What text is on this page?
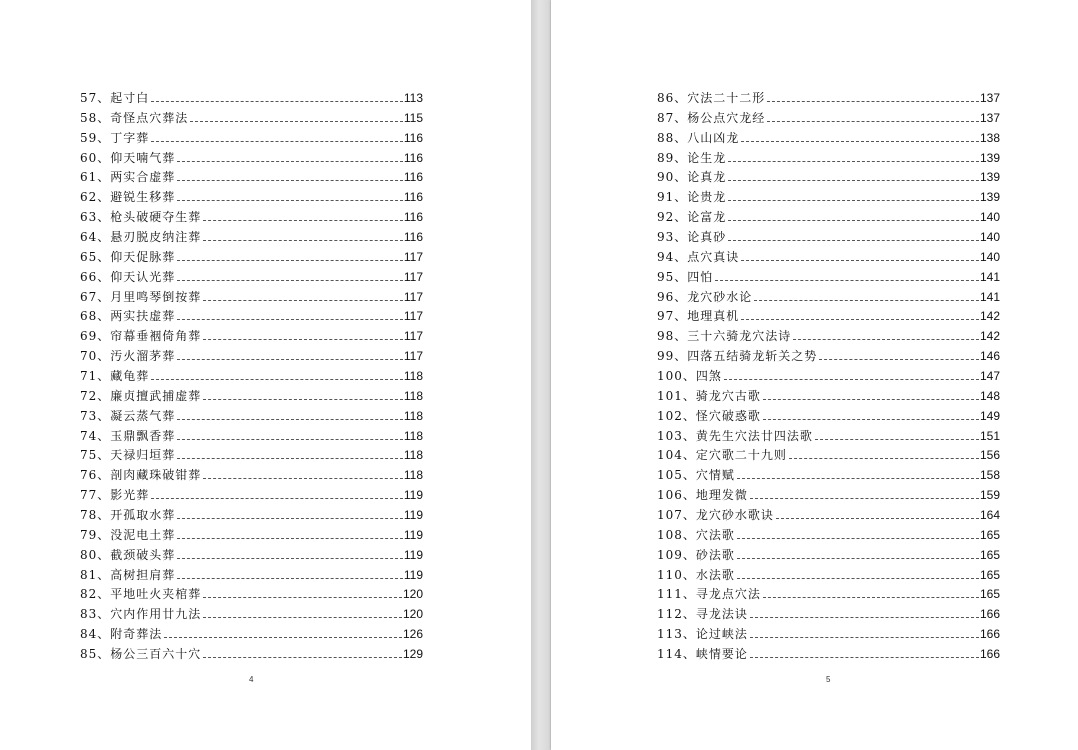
57、起寸白	113
58、奇怪点穴葬法	115
59、丁字葬	116
60、仰天喃气葬	116
61、两实合虚葬	116
62、避锐生移葬	116
63、枪头破硬夺生葬	116
64、悬刃脱皮纳注葬	116
65、仰天促脉葬	117
66、仰天认光葬	117
67、月里鸣琴倒按葬	117
68、两实扶虚葬	117
69、帘幕垂裀倚角葬	117
70、汚火溜茅葬	117
71、藏龟葬	118
72、廉贞擅武捕虚葬	118
73、凝云蒸气葬	118
74、玉鼎飘香葬	118
75、天禄归垣葬	118
76、剖肉藏珠破钳葬	118
77、影光葬	119
78、开孤取水葬	119
79、没泥电土葬	119
80、截颈破头葬	119
81、高树担肩葬	119
82、平地吐火夹棺葬	120
83、穴内作用廿九法	120
84、附奇葬法	126
85、杨公三百六十穴	129
4
86、穴法二十二形	137
87、杨公点穴龙经	137
88、八山凶龙	138
89、论生龙	139
90、论真龙	139
91、论贵龙	139
92、论富龙	140
93、论真砂	140
94、点穴真诀	140
95、四怕	141
96、龙穴砂水论	141
97、地理真机	142
98、三十六骑龙穴法诗	142
99、四落五结骑龙斩关之势	146
100、四煞	147
101、骑龙穴古歌	148
102、怪穴破惑歌	149
103、黄先生穴法廿四法歌	151
104、定穴歌二十九则	156
105、穴情赋	158
106、地理发微	159
107、龙穴砂水歌诀	164
108、穴法歌	165
109、砂法歌	165
110、水法歌	165
111、寻龙点穴法	165
112、寻龙法诀	166
113、论过峡法	166
114、峡情要论	166
5
